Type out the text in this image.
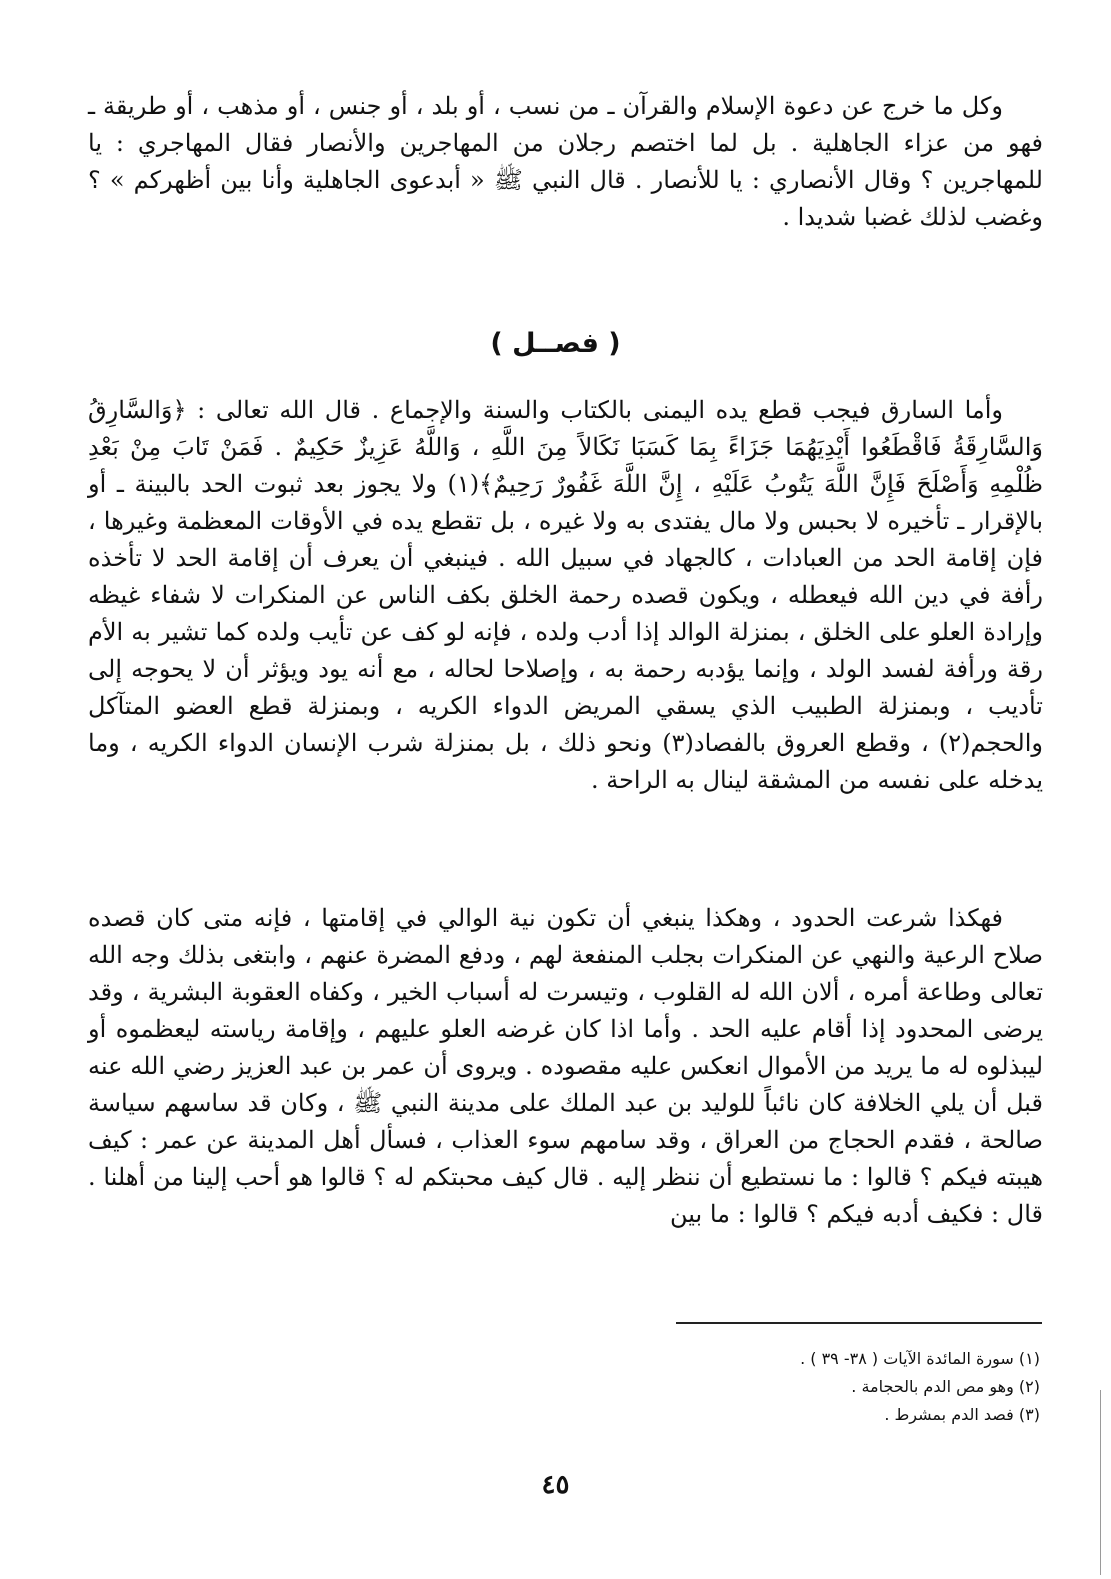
وكل ما خرج عن دعوة الإسلام والقرآن ـ من نسب ، أو بلد ، أو جنس ، أو مذهب ، أو طريقة ـ فهو من عزاء الجاهلية . بل لما اختصم رجلان من المهاجرين والأنصار فقال المهاجري : يا للمهاجرين ؟ وقال الأنصاري : يا للأنصار . قال النبي ﷺ « أبدعوى الجاهلية وأنا بين أظهركم » ؟ وغضب لذلك غضبا شديدا .

( فصــل )

وأما السارق فيجب قطع يده اليمنى بالكتاب والسنة والإجماع . قال الله تعالى : ﴿وَالسَّارِقُ وَالسَّارِقَةُ فَاقْطَعُوا أَيْدِيَهُمَا جَزَاءً بِمَا كَسَبَا نَكَالاً مِنَ اللَّهِ ، وَاللَّهُ عَزِيزٌ حَكِيمٌ . فَمَنْ تَابَ مِنْ بَعْدِ ظُلْمِهِ وَأَصْلَحَ فَإِنَّ اللَّهَ يَتُوبُ عَلَيْهِ ، إِنَّ اللَّهَ غَفُورٌ رَحِيمٌ﴾(١) ولا يجوز بعد ثبوت الحد بالبينة ـ أو بالإقرار ـ تأخيره لا بحبس ولا مال يفتدى به ولا غيره ، بل تقطع يده في الأوقات المعظمة وغيرها ، فإن إقامة الحد من العبادات ، كالجهاد في سبيل الله . فينبغي أن يعرف أن إقامة الحد لا تأخذه رأفة في دين الله فيعطله ، ويكون قصده رحمة الخلق بكف الناس عن المنكرات لا شفاء غيظه وإرادة العلو على الخلق ، بمنزلة الوالد إذا أدب ولده ، فإنه لو كف عن تأيب ولده كما تشير به الأم رقة ورأفة لفسد الولد ، وإنما يؤدبه رحمة به ، وإصلاحا لحاله ، مع أنه يود ويؤثر أن لا يحوجه إلى تأديب ، وبمنزلة الطبيب الذي يسقي المريض الدواء الكريه ، وبمنزلة قطع العضو المتآكل والحجم(٢) ، وقطع العروق بالفصاد(٣) ونحو ذلك ، بل بمنزلة شرب الإنسان الدواء الكريه ، وما يدخله على نفسه من المشقة لينال به الراحة .

فهكذا شرعت الحدود ، وهكذا ينبغي أن تكون نية الوالي في إقامتها ، فإنه متى كان قصده صلاح الرعية والنهي عن المنكرات بجلب المنفعة لهم ، ودفع المضرة عنهم ، وابتغى بذلك وجه الله تعالى وطاعة أمره ، ألان الله له القلوب ، وتيسرت له أسباب الخير ، وكفاه العقوبة البشرية ، وقد يرضى المحدود إذا أقام عليه الحد . وأما اذا كان غرضه العلو عليهم ، وإقامة رياسته ليعظموه أو ليبذلوه له ما يريد من الأموال انعكس عليه مقصوده . ويروى أن عمر بن عبد العزيز رضي الله عنه قبل أن يلي الخلافة كان نائباً للوليد بن عبد الملك على مدينة النبي ﷺ ، وكان قد ساسهم سياسة صالحة ، فقدم الحجاج من العراق ، وقد سامهم سوء العذاب ، فسأل أهل المدينة عن عمر : كيف هيبته فيكم ؟ قالوا : ما نستطيع أن ننظر إليه . قال كيف محبتكم له ؟ قالوا هو أحب إلينا من أهلنا . قال : فكيف أدبه فيكم ؟ قالوا : ما بين

(١) سورة المائدة الآيات ( ٣٨- ٣٩ ) .
(٢) وهو مص الدم بالحجامة .
(٣) فصد الدم بمشرط .
٤٥
